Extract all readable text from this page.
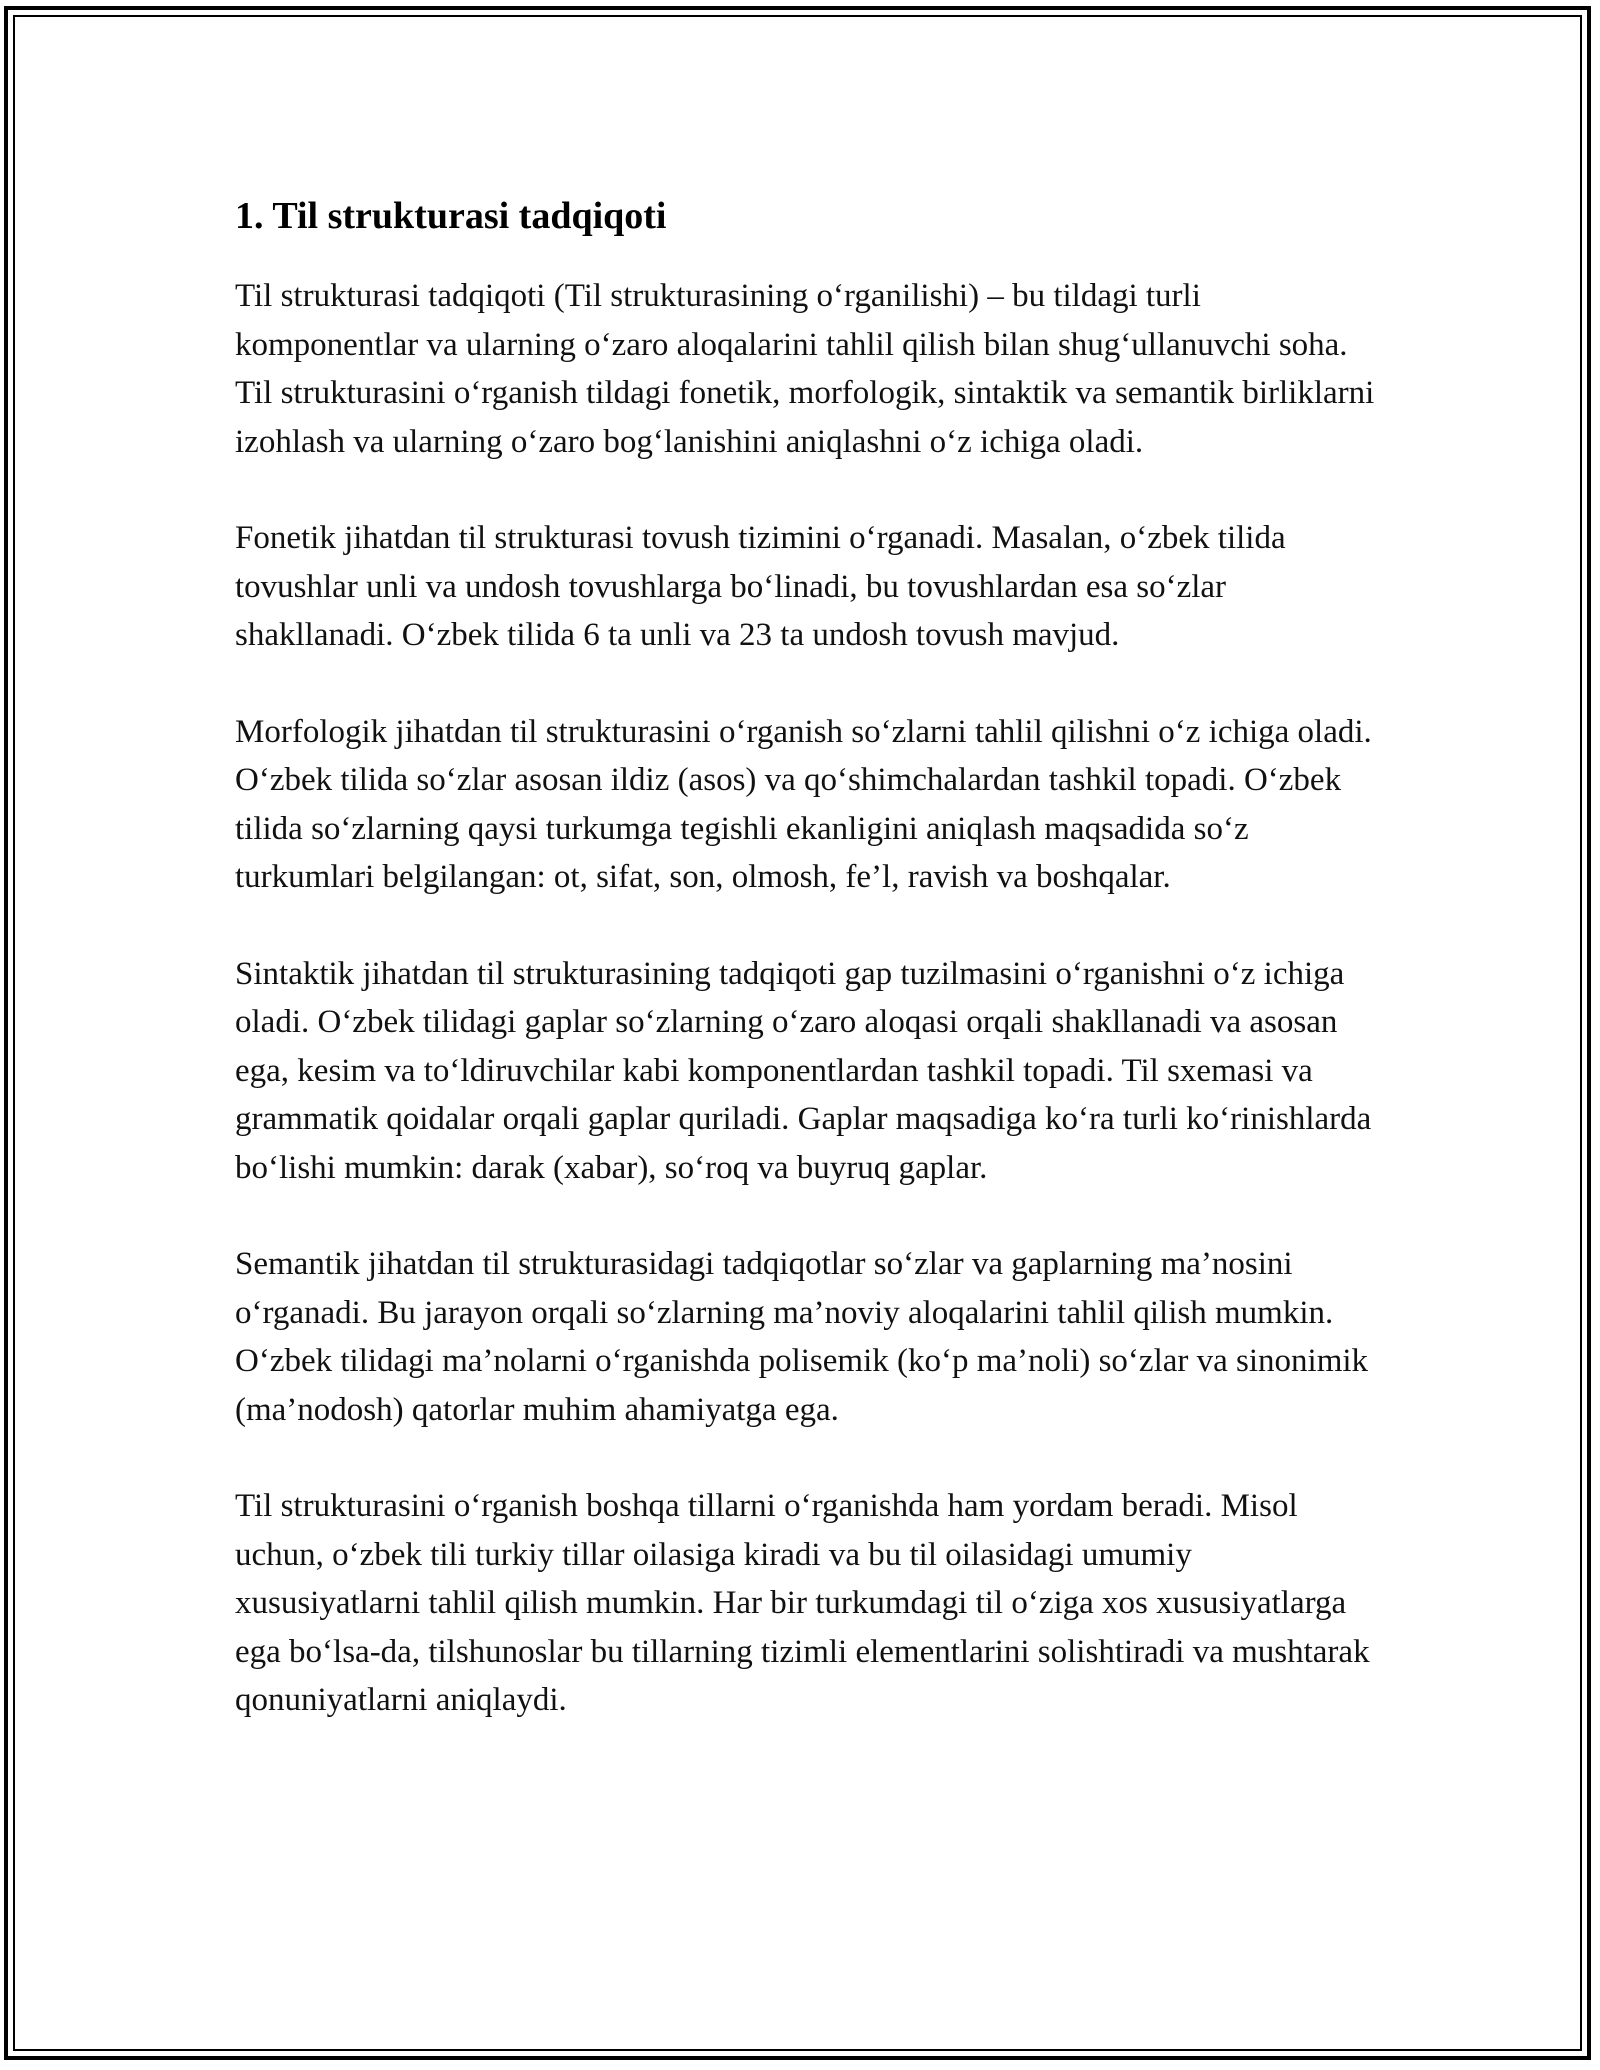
1. Til strukturasi tadqiqoti

Til strukturasi tadqiqoti (Til strukturasining o‘rganilishi) – bu tildagi turli komponentlar va ularning o‘zaro aloqalarini tahlil qilish bilan shug‘ullanuvchi soha. Til strukturasini o‘rganish tildagi fonetik, morfologik, sintaktik va semantik birliklarni izohlash va ularning o‘zaro bog‘lanishini aniqlashni o‘z ichiga oladi.

Fonetik jihatdan til strukturasi tovush tizimini o‘rganadi. Masalan, o‘zbek tilida tovushlar unli va undosh tovushlarga bo‘linadi, bu tovushlardan esa so‘zlar shakllanadi. O‘zbek tilida 6 ta unli va 23 ta undosh tovush mavjud.

Morfologik jihatdan til strukturasini o‘rganish so‘zlarni tahlil qilishni o‘z ichiga oladi. O‘zbek tilida so‘zlar asosan ildiz (asos) va qo‘shimchalardan tashkil topadi. O‘zbek tilida so‘zlarning qaysi turkumga tegishli ekanligini aniqlash maqsadida so‘z turkumlari belgilangan: ot, sifat, son, olmosh, fe’l, ravish va boshqalar.

Sintaktik jihatdan til strukturasining tadqiqoti gap tuzilmasini o‘rganishni o‘z ichiga oladi. O‘zbek tilidagi gaplar so‘zlarning o‘zaro aloqasi orqali shakllanadi va asosan ega, kesim va to‘ldiruvchilar kabi komponentlardan tashkil topadi. Til sxemasi va grammatik qoidalar orqali gaplar quriladi. Gaplar maqsadiga ko‘ra turli ko‘rinishlarda bo‘lishi mumkin: darak (xabar), so‘roq va buyruq gaplar.

Semantik jihatdan til strukturasidagi tadqiqotlar so‘zlar va gaplarning ma’nosini o‘rganadi. Bu jarayon orqali so‘zlarning ma’noviy aloqalarini tahlil qilish mumkin. O‘zbek tilidagi ma’nolarni o‘rganishda polisemik (ko‘p ma’noli) so‘zlar va sinonimik (ma’nodosh) qatorlar muhim ahamiyatga ega.

Til strukturasini o‘rganish boshqa tillarni o‘rganishda ham yordam beradi. Misol uchun, o‘zbek tili turkiy tillar oilasiga kiradi va bu til oilasidagi umumiy xususiyatlarni tahlil qilish mumkin. Har bir turkumdagi til o‘ziga xos xususiyatlarga ega bo‘lsa-da, tilshunoslar bu tillarning tizimli elementlarini solishtiradi va mushtarak qonuniyatlarni aniqlaydi.
